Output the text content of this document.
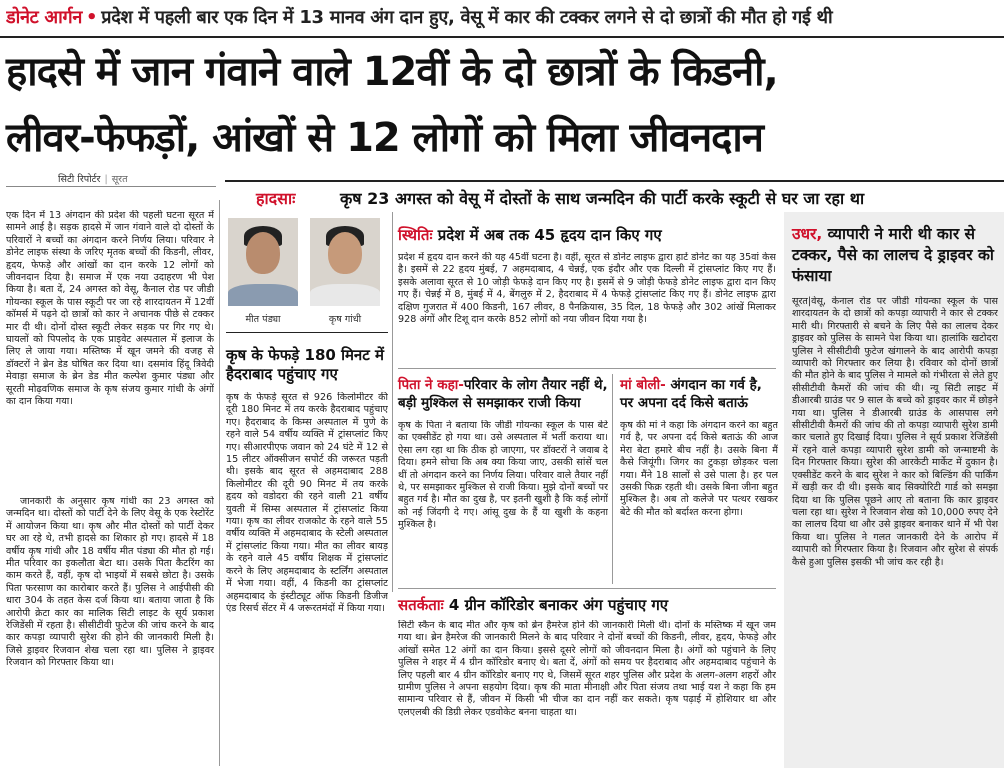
डोनेट आर्गन • प्रदेश में पहली बार एक दिन में 13 मानव अंग दान हुए, वेसू में कार की टक्कर लगने से दो छात्रों की मौत हो गई थी
हादसे में जान गंवाने वाले 12वीं के दो छात्रों के किडनी,
लीवर-फेफड़ों, आंखों से 12 लोगों को मिला जीवनदान
सिटी रिपोर्टर | सूरत
हादसाः	कृष 23 अगस्त को वेसू में दोस्तों के साथ जन्मदिन की पार्टी करके स्कूटी से घर जा रहा था
एक दिन में 13 अंगदान की प्रदेश की पहली घटना सूरत में सामने आई है। सड़क हादसे में जान गंवाने वाले दो दोस्तों के परिवारों ने बच्चों का अंगदान करने निर्णय लिया। परिवार ने डोनेट लाइफ संस्था के जरिए मृतक बच्चों की किडनी, लीवर, हृदय, फेफड़े और आंखों का दान करके 12 लोगों को जीवनदान दिया है। समाज में एक नया उदाहरण भी पेश किया है। बता दें, 24 अगस्त को वेसू, कैनाल रोड पर जीडी गोयन्का स्कूल के पास स्कूटी पर जा रहे शारदायतन में 12वीं कॉमर्स में पढ़ने दो छात्रों को कार ने अचानक पीछे से टक्कर मार दी थी। दोनों दोस्त स्कूटी लेकर सड़क पर गिर गए थे। घायलों को पिपलोद के एक प्राइवेट अस्पताल में इलाज के लिए ले जाया गया। मस्तिष्क में खून जमने की वजह से डॉक्टरों ने ब्रेन डेड घोषित कर दिया था। दसमांव हिंदू त्रिवेदी मेवाड़ा समाज के ब्रेन डेड मीत कल्पेश कुमार पंड्या और सूरती मोढ़वणिक समाज के कृष संजय कुमार गांधी के अंगों का दान किया गया।
जानकारी के अनुसार कृष गांधी का 23 अगस्त को जन्मदिन था। दोस्तों को पार्टी देने के लिए वेसू के एक रेस्टोरेंट में आयोजन किया था। कृष और मीत दोस्तों को पार्टी देकर घर आ रहे थे, तभी हादसे का शिकार हो गए। हादसे में 18 वर्षीय कृष गांधी और 18 वर्षीय मीत पंड्या की मौत हो गई। मीत परिवार का इकलौता बेटा था। उसके पिता कैटरिंग का काम करते हैं, वहीं, कृष दो भाइयों में सबसे छोटा है। उसके पिता फरसाण का कारोबार करते हैं। पुलिस ने आईपीसी की धारा 304 के तहत केस दर्ज किया था। बताया जाता है कि आरोपी क्रेटा कार का मालिक सिटी लाइट के सूर्य प्रकाश रेजिडेंसी में रहता है। सीसीटीवी फुटेज की जांच करने के बाद कार कपड़ा व्यापारी सुरेश की होने की जानकारी मिली है। जिसे ड्राइवर रिजवान शेख चला रहा था। पुलिस ने ड्राइवर रिजवान को गिरफ्तार किया था।
मीत पंड्या	कृष गांधी
कृष के फेफड़े 180 मिनट में हैदराबाद पहुंचाए गए
कृष के फेफड़े सूरत से 926 किलोमीटर की दूरी 180 मिनट में तय करके हैदराबाद पहुंचाए गए। हैदराबाद के किम्स अस्पताल में पुणे के रहने वाले 54 वर्षीय व्यक्ति में ट्रांसप्लांट किए गए। सीआरपीएफ जवान को 24 घंटे में 12 से 15 लीटर ऑक्सीजन सपोर्ट की जरूरत पड़ती थी। इसके बाद सूरत से अहमदाबाद 288 किलोमीटर की दूरी 90 मिनट में तय करके हृदय को वडोदरा की रहने वाली 21 वर्षीय युवती में सिम्स अस्पताल में ट्रांसप्लांट किया गया। कृष का लीवर राजकोट के रहने वाले 55 वर्षीय व्यक्ति में अहमदाबाद के स्टेली अस्पताल में ट्रांसप्लांट किया गया। मीत का लीवर बायड़ के रहने वाले 45 वर्षीय शिक्षक में ट्रांसप्लांट करने के लिए अहमदाबाद के स्टर्लिंग अस्पताल में भेजा गया। वहीं, 4 किडनी का ट्रांसप्लांट अहमदाबाद के इंस्टीट्यूट ऑफ किडनी डिजीज एंड रिसर्च सेंटर में 4 जरूरतमंदों में किया गया।
स्थितिः प्रदेश में अब तक 45 हृदय दान किए गए
प्रदेश में हृदय दान करने की यह 45वीं घटना है। वहीं, सूरत से डोनेट लाइफ द्वारा हार्ट डोनेट का यह 35वां केस है। इसमें से 22 हृदय मुंबई, 7 अहमदाबाद, 4 चेन्नई, एक इंदौर और एक दिल्ली में ट्रांसप्लांट किए गए हैं। इसके अलावा सूरत से 10 जोड़ी फेफड़े दान किए गए है। इसमें से 9 जोड़ी फेफड़े डोनेट लाइफ द्वारा दान किए गए हैं। चेन्नई में 8, मुंबई में 4, बेंगलुरु में 2, हैदराबाद में 4 फेफड़े ट्रांसप्लांट किए गए हैं। डोनेट लाइफ द्वारा दक्षिण गुजरात में 400 किडनी, 167 लीवर, 8 पैनक्रियास, 35 दिल, 18 फेफड़े और 302 आंखें मिलाकर 928 अंगों और टिशू दान करके 852 लोगों को नया जीवन दिया गया है।
पिता ने कहा-परिवार के लोग तैयार नहीं थे, बड़ी मुश्किल से समझाकर राजी किया
कृष के पिता ने बताया कि जीडी गोयन्का स्कूल के पास बेटे का एक्सीडेंट हो गया था। उसे अस्पताल में भर्ती कराया था। ऐसा लग रहा था कि ठीक हो जाएगा, पर डॉक्टरों ने जवाब दे दिया। हमने सोचा कि अब क्या किया जाए, उसकी सांसें चल थीं तो अंगदान करने का निर्णय लिया। परिवार वाले तैयार नहीं थे, पर समझाकर मुश्किल से राजी किया। मुझे दोनों बच्चों पर बहुत गर्व है। मौत का दुख है, पर इतनी खुशी है कि कई लोगों को नई जिंदगी दे गए। आंसू दुख के हैं या खुशी के कहना मुश्किल है।
मां बोली- अंगदान का गर्व है, पर अपना दर्द किसे बताऊं
कृष की मां ने कहा कि अंगदान करने का बहुत गर्व है, पर अपना दर्द किसे बताऊं की आज मेरा बेटा हमारे बीच नहीं है। उसके बिना मैं कैसे जियूंगी। जिगर का टुकड़ा छोड़कर चला गया। मैंने 18 सालों से उसे पाला है। हर पल उसकी फिक्र रहती थी। उसके बिना जीना बहुत मुश्किल है। अब तो कलेजे पर पत्थर रखकर बेटे की मौत को बर्दाश्त करना होगा।
सतर्कताः 4 ग्रीन कॉरिडोर बनाकर अंग पहुंचाए गए
सिटी स्कैन के बाद मीत और कृष को ब्रेन हैमरेज होने की जानकारी मिली थी। दोनों के मस्तिष्क में खून जम गया था। ब्रेन हैमरेज की जानकारी मिलने के बाद परिवार ने दोनों बच्चों की किडनी, लीवर, हृदय, फेफड़े और आंखों समेत 12 अंगों का दान किया। इससे दूसरे लोगों को जीवनदान मिला है। अंगों को पहुंचाने के लिए पुलिस ने शहर में 4 ग्रीन कॉरिडोर बनाए थे। बता दें, अंगों को समय पर हैदराबाद और अहमदाबाद पहुंचाने के लिए पहली बार 4 ग्रीन कॉरिडोर बनाए गए थे, जिसमें सूरत शहर पुलिस और प्रदेश के अलग-अलग शहरों और ग्रामीण पुलिस ने अपना सहयोग दिया। कृष की माता मीनाक्षी और पिता संजय तथा भाई यश ने कहा कि हम सामान्य परिवार से हैं, जीवन में किसी भी चीज का दान नहीं कर सकते। कृष पढ़ाई में होशियार था और एलएलबी की डिग्री लेकर एडवोकेट बनना चाहता था।
उधर, व्यापारी ने मारी थी कार से टक्कर, पैसे का लालच दे ड्राइवर को फंसाया
सूरत|वेसू, केनाल रोड पर जीडी गोयन्का स्कूल के पास शारदायतन के दो छात्रों को कपड़ा व्यापारी ने कार से टक्कर मारी थी। गिरफ्तारी से बचने के लिए पैसे का लालच देकर ड्राइवर को पुलिस के सामने पेश किया था। हालांकि खटोदरा पुलिस ने सीसीटीवी फुटेज खंगालने के बाद आरोपी कपड़ा व्यापारी को गिरफ्तार कर लिया है। रविवार को दोनों छात्रों की मौत होने के बाद पुलिस ने मामले को गंभीरता से लेते हुए सीसीटीवी कैमरों की जांच की थी। न्यू सिटी लाइट में डीआरबी ग्राउंड पर 9 साल के बच्चे को ड्राइवर कार में छोड़ने गया था। पुलिस ने डीआरबी ग्राउंड के आसपास लगे सीसीटीवी कैमरों की जांच की तो कपड़ा व्यापारी सुरेश डामी कार चलाते हुए दिखाई दिया। पुलिस ने सूर्य प्रकाश रेजिडेंसी में रहने वाले कपड़ा व्यापारी सुरेश डामी को जन्माष्टमी के दिन गिरफ्तार किया। सुरेश की आरकेटी मार्केट में दुकान है। एक्सीडेंट करने के बाद सुरेश ने कार को बिल्डिंग की पार्किंग में खड़ी कर दी थी। इसके बाद सिक्योरिटी गार्ड को समझा दिया था कि पुलिस पूछने आए तो बताना कि कार ड्राइवर चला रहा था। सुरेश ने रिजवान शेख को 10,000 रुपए देने का लालच दिया था और उसे ड्राइवर बनाकर थाने में भी पेश किया था। पुलिस ने गलत जानकारी देने के आरोप में व्यापारी को गिरफ्तार किया है। रिजवान और सुरेश से संपर्क कैसे हुआ पुलिस इसकी भी जांच कर रही है।
